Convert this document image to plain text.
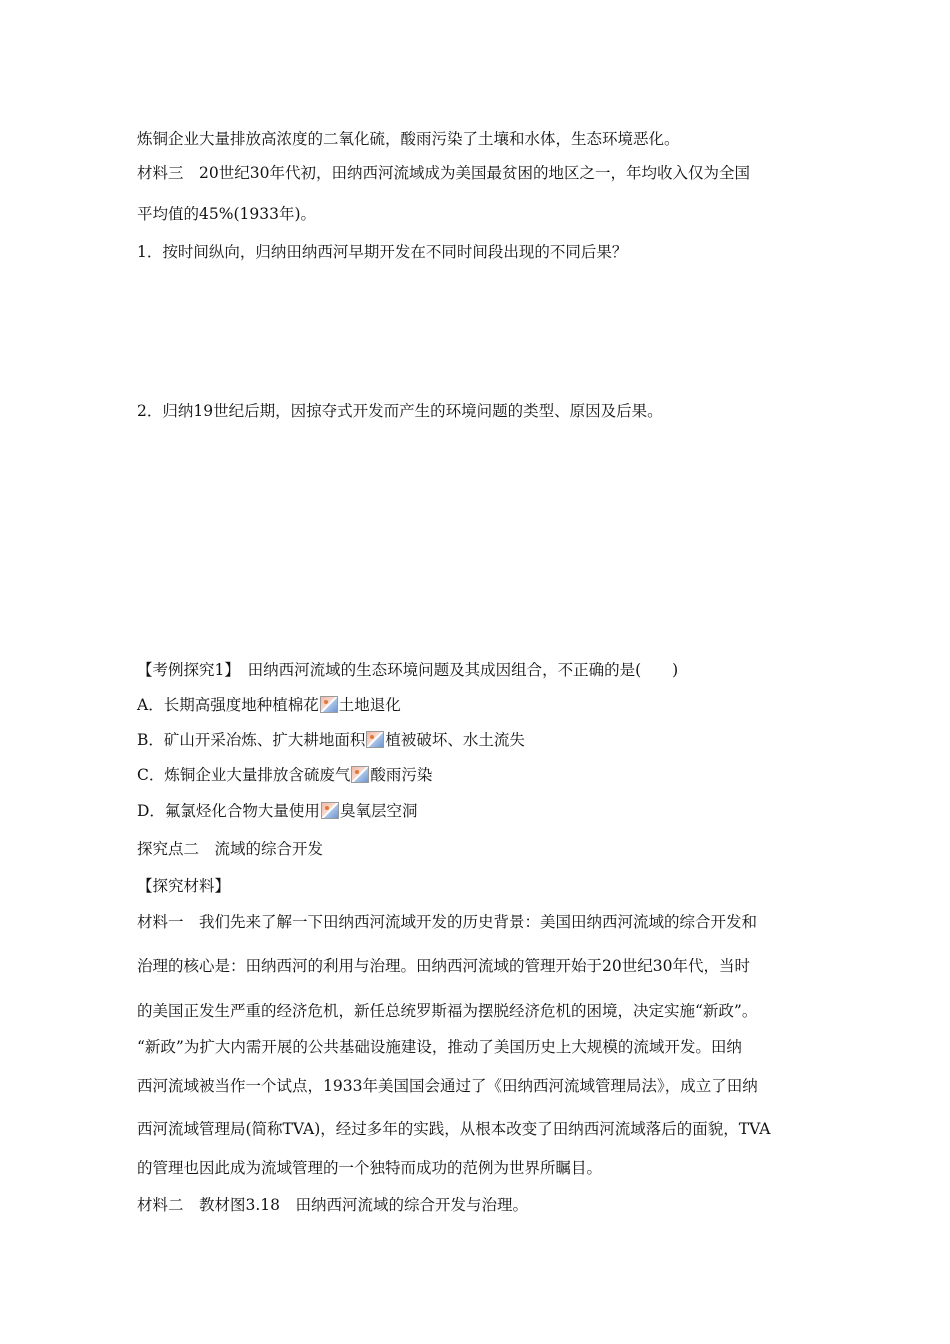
炼铜企业大量排放高浓度的二氧化硫，酸雨污染了土壤和水体，生态环境恶化。
材料三　20世纪30年代初，田纳西河流域成为美国最贫困的地区之一，年均收入仅为全国
平均值的45%(1933年)。
1．按时间纵向，归纳田纳西河早期开发在不同时间段出现的不同后果？
2．归纳19世纪后期，因掠夺式开发而产生的环境问题的类型、原因及后果。
【考例探究1】　田纳西河流域的生态环境问题及其成因组合，不正确的是(　　)
A．长期高强度地种植棉花 土地退化
B．矿山开采冶炼、扩大耕地面积 植被破坏、水土流失
C．炼铜企业大量排放含硫废气 酸雨污染
D．氟氯烃化合物大量使用 臭氧层空洞
探究点二　流域的综合开发
【探究材料】
材料一　我们先来了解一下田纳西河流域开发的历史背景：美国田纳西河流域的综合开发和
治理的核心是：田纳西河的利用与治理。田纳西河流域的管理开始于20世纪30年代，当时
的美国正发生严重的经济危机，新任总统罗斯福为摆脱经济危机的困境，决定实施“新政”。
“新政”为扩大内需开展的公共基础设施建设，推动了美国历史上大规模的流域开发。田纳
西河流域被当作一个试点，1933年美国国会通过了《田纳西河流域管理局法》，成立了田纳
西河流域管理局(简称TVA)，经过多年的实践，从根本改变了田纳西河流域落后的面貌，TVA
的管理也因此成为流域管理的一个独特而成功的范例为世界所瞩目。
材料二　教材图3.18　田纳西河流域的综合开发与治理。
